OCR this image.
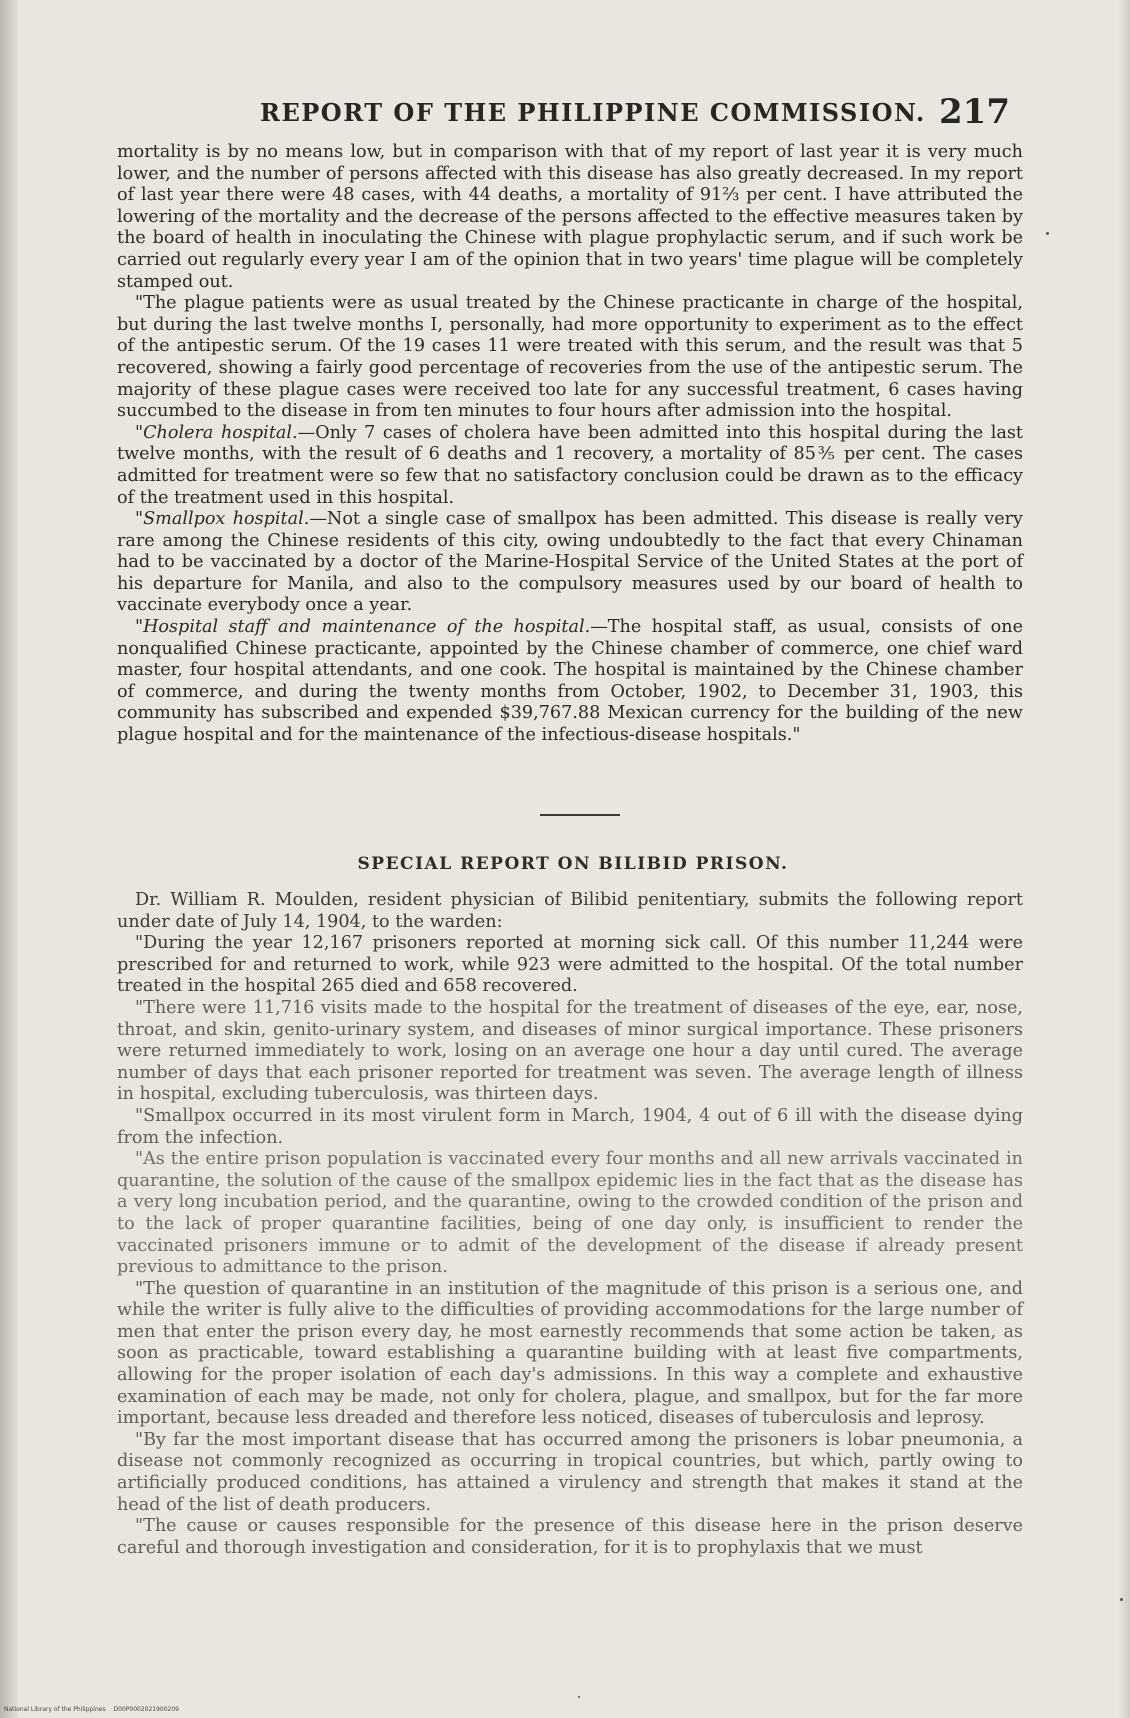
REPORT OF THE PHILIPPINE COMMISSION. 217

mortality is by no means low, but in comparison with that of my report of last year it is very much lower, and the number of persons affected with this disease has also greatly decreased. In my report of last year there were 48 cases, with 44 deaths, a mortality of 91⅔ per cent. I have attributed the lowering of the mortality and the decrease of the persons affected to the effective measures taken by the board of health in inoculating the Chinese with plague prophylactic serum, and if such work be carried out regularly every year I am of the opinion that in two years' time plague will be completely stamped out.

"The plague patients were as usual treated by the Chinese practicante in charge of the hospital, but during the last twelve months I, personally, had more opportunity to experiment as to the effect of the antipestic serum. Of the 19 cases 11 were treated with this serum, and the result was that 5 recovered, showing a fairly good percentage of recoveries from the use of the antipestic serum. The majority of these plague cases were received too late for any successful treatment, 6 cases having succumbed to the disease in from ten minutes to four hours after admission into the hospital.

"Cholera hospital.—Only 7 cases of cholera have been admitted into this hospital during the last twelve months, with the result of 6 deaths and 1 recovery, a mortality of 85⅗ per cent. The cases admitted for treatment were so few that no satisfactory conclusion could be drawn as to the efficacy of the treatment used in this hospital.

"Smallpox hospital.—Not a single case of smallpox has been admitted. This disease is really very rare among the Chinese residents of this city, owing undoubtedly to the fact that every Chinaman had to be vaccinated by a doctor of the Marine-Hospital Service of the United States at the port of his departure for Manila, and also to the compulsory measures used by our board of health to vaccinate everybody once a year.

"Hospital staff and maintenance of the hospital.—The hospital staff, as usual, consists of one nonqualified Chinese practicante, appointed by the Chinese chamber of commerce, one chief ward master, four hospital attendants, and one cook. The hospital is maintained by the Chinese chamber of commerce, and during the twenty months from October, 1902, to December 31, 1903, this community has subscribed and expended $39,767.88 Mexican currency for the building of the new plague hospital and for the maintenance of the infectious-disease hospitals."

SPECIAL REPORT ON BILIBID PRISON.

Dr. William R. Moulden, resident physician of Bilibid penitentiary, submits the following report under date of July 14, 1904, to the warden:

"During the year 12,167 prisoners reported at morning sick call. Of this number 11,244 were prescribed for and returned to work, while 923 were admitted to the hospital. Of the total number treated in the hospital 265 died and 658 recovered.

"There were 11,716 visits made to the hospital for the treatment of diseases of the eye, ear, nose, throat, and skin, genito-urinary system, and diseases of minor surgical importance. These prisoners were returned immediately to work, losing on an average one hour a day until cured. The average number of days that each prisoner reported for treatment was seven. The average length of illness in hospital, excluding tuberculosis, was thirteen days.

"Smallpox occurred in its most virulent form in March, 1904, 4 out of 6 ill with the disease dying from the infection.

"As the entire prison population is vaccinated every four months and all new arrivals vaccinated in quarantine, the solution of the cause of the smallpox epidemic lies in the fact that as the disease has a very long incubation period, and the quarantine, owing to the crowded condition of the prison and to the lack of proper quarantine facilities, being of one day only, is insufficient to render the vaccinated prisoners immune or to admit of the development of the disease if already present previous to admittance to the prison.

"The question of quarantine in an institution of the magnitude of this prison is a serious one, and while the writer is fully alive to the difficulties of providing accommodations for the large number of men that enter the prison every day, he most earnestly recommends that some action be taken, as soon as practicable, toward establishing a quarantine building with at least five compartments, allowing for the proper isolation of each day's admissions. In this way a complete and exhaustive examination of each may be made, not only for cholera, plague, and smallpox, but for the far more important, because less dreaded and therefore less noticed, diseases of tuberculosis and leprosy.

"By far the most important disease that has occurred among the prisoners is lobar pneumonia, a disease not commonly recognized as occurring in tropical countries, but which, partly owing to artificially produced conditions, has attained a virulency and strength that makes it stand at the head of the list of death producers.

"The cause or causes responsible for the presence of this disease here in the prison deserve careful and thorough investigation and consideration, for it is to prophylaxis that we must

National Library of the Philippines D00P0002021900209
